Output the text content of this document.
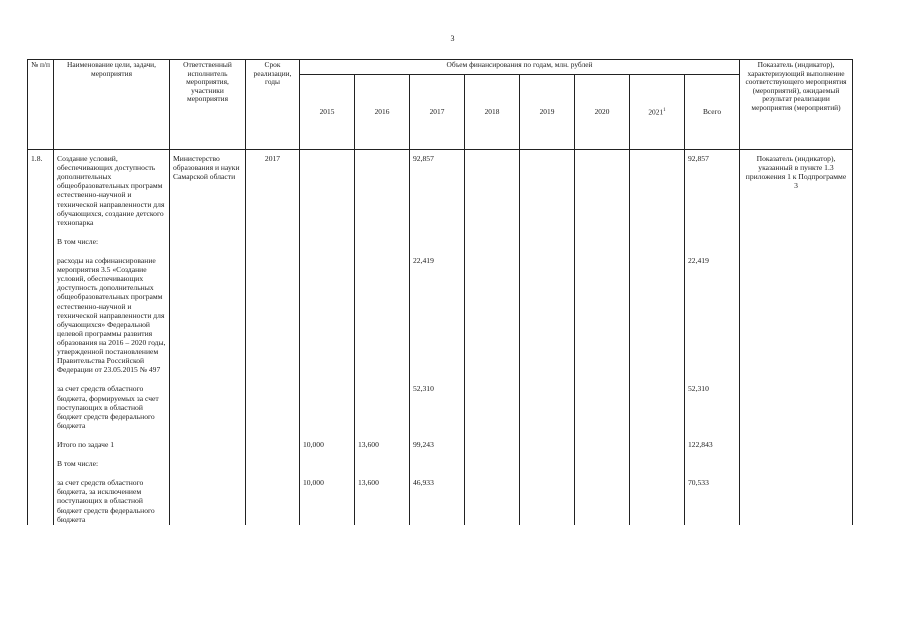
3
№ п/п	Наименование цели, задачи, мероприятия	Ответственный исполнитель мероприятия, участники мероприятия	Срок реализации, годы	Объем финансирования по годам, млн. рублей								Показатель (индикатор), характеризующий выполнение соответствующего мероприятия (мероприятий), ожидаемый результат реализации мероприятия (мероприятий)
				2015	2016	2017	2018	2019	2020	2021$^1$	Всего	
1.8.	Создание условий, обеспечивающих доступность дополнительных общеобразовательных программ естественно-научной и технической направленности для обучающихся, создание детского технопарка	Министерство образования и науки Самарской области	2017			92,857					92,857	Показатель (индикатор), указанный в пункте 1.3 приложения 1 к Подпрограмме 3

	В том числе:											

	расходы на софинансирование мероприятия 3.5 «Создание условий, обеспечивающих доступность дополнительных общеобразовательных программ естественно-научной и технической направленности для обучающихся» Федеральной целевой программы развития образования на 2016 – 2020 годы, утвержденной постановлением Правительства Российской Федерации от 23.05.2015 № 497					22,419					22,419	

	за счет средств областного бюджета, формируемых за счет поступающих в областной бюджет средств федерального бюджета					52,310					52,310	

	Итого по задаче 1			10,000	13,600	99,243					122,843	

	В том числе:											

	за счет средств областного бюджета, за исключением поступающих в областной бюджет средств федерального бюджета			10,000	13,600	46,933					70,533	
